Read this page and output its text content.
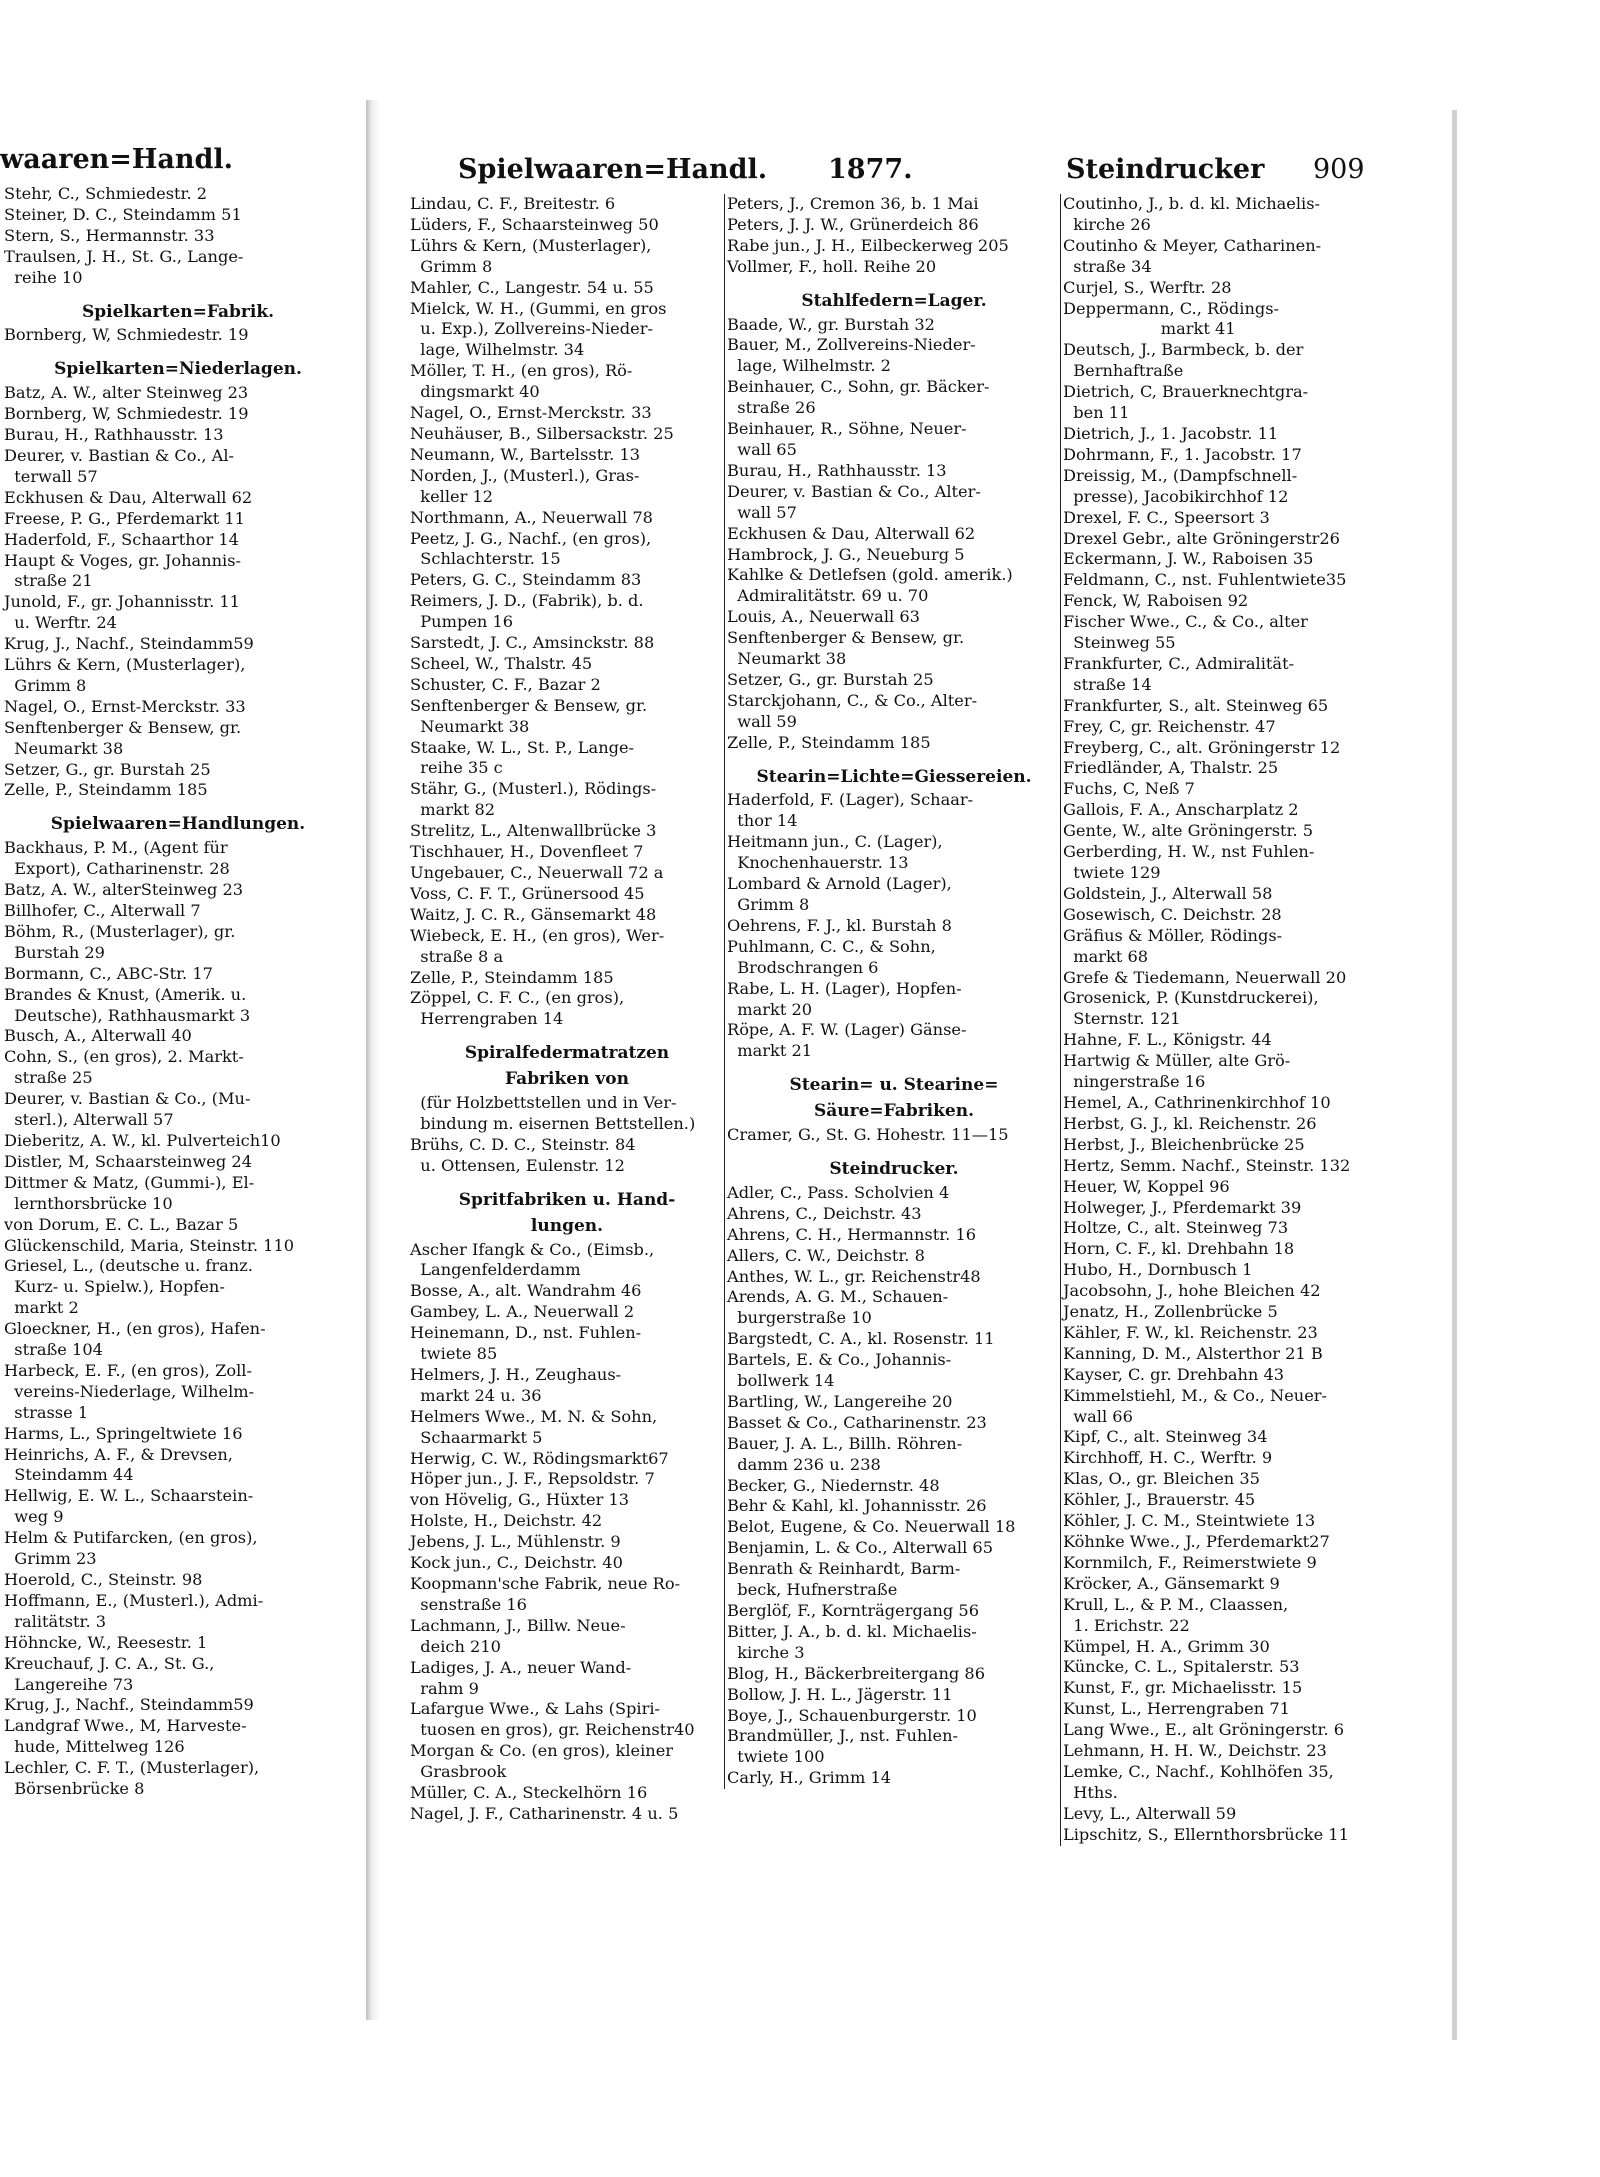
waaren=Handl.
Stehr, C., Schmiedestr. 2
Steiner, D. C., Steindamm 51
Stern, S., Hermannstr. 33
Traulsen, J. H., St. G., Lange-
reihe 10

Spielkarten=Fabrik.
Bornberg, W, Schmiedestr. 19

Spielkarten=Niederlagen.
Batz, A. W., alter Steinweg 23
Bornberg, W, Schmiedestr. 19
Burau, H., Rathhausstr. 13
Deurer, v. Bastian & Co., Al-
terwall 57
Eckhusen & Dau, Alterwall 62
Freese, P. G., Pferdemarkt 11
Haderfold, F., Schaarthor 14
Haupt & Voges, gr. Johannis-
straße 21
Junold, F., gr. Johannisstr. 11
u. Werftr. 24
Krug, J., Nachf., Steindamm59
Lührs & Kern, (Musterlager),
Grimm 8
Nagel, O., Ernst-Merckstr. 33
Senftenberger & Bensew, gr.
Neumarkt 38
Setzer, G., gr. Burstah 25
Zelle, P., Steindamm 185

Spielwaaren=Handlungen.
Backhaus, P. M., (Agent für
Export), Catharinenstr. 28
Batz, A. W., alterSteinweg 23
Billhofer, C., Alterwall 7
Böhm, R., (Musterlager), gr.
Burstah 29
Bormann, C., ABC-Str. 17
Brandes & Knust, (Amerik. u.
Deutsche), Rathhausmarkt 3
Busch, A., Alterwall 40
Cohn, S., (en gros), 2. Markt-
straße 25
Deurer, v. Bastian & Co., (Mu-
sterl.), Alterwall 57
Dieberitz, A. W., kl. Pulverteich10
Distler, M, Schaarsteinweg 24
Dittmer & Matz, (Gummi-), El-
lernthorsbrücke 10
von Dorum, E. C. L., Bazar 5
Glückenschild, Maria, Steinstr. 110
Griesel, L., (deutsche u. franz.
Kurz- u. Spielw.), Hopfen-
markt 2
Gloeckner, H., (en gros), Hafen-
straße 104
Harbeck, E. F., (en gros), Zoll-
vereins-Niederlage, Wilhelm-
strasse 1
Harms, L., Springeltwiete 16
Heinrichs, A. F., & Drevsen,
Steindamm 44
Hellwig, E. W. L., Schaarstein-
weg 9
Helm & Putifarcken, (en gros),
Grimm 23
Hoerold, C., Steinstr. 98
Hoffmann, E., (Musterl.), Admi-
ralitätstr. 3
Höhncke, W., Reesestr. 1
Kreuchauf, J. C. A., St. G.,
Langereihe 73
Krug, J., Nachf., Steindamm59
Landgraf Wwe., M, Harveste-
hude, Mittelweg 126
Lechler, C. F. T., (Musterlager),
Börsenbrücke 8
Spielwaaren=Handl. 1877.	Steindrucker 909
Lindau, C. F., Breitestr. 6
Lüders, F., Schaarsteinweg 50
Lührs & Kern, (Musterlager),
Grimm 8
Mahler, C., Langestr. 54 u. 55
Mielck, W. H., (Gummi, en gros
u. Exp.), Zollvereins-Nieder-
lage, Wilhelmstr. 34
Möller, T. H., (en gros), Rö-
dingsmarkt 40
Nagel, O., Ernst-Merckstr. 33
Neuhäuser, B., Silbersackstr. 25
Neumann, W., Bartelsstr. 13
Norden, J., (Musterl.), Gras-
keller 12
Northmann, A., Neuerwall 78
Peetz, J. G., Nachf., (en gros),
Schlachterstr. 15
Peters, G. C., Steindamm 83
Reimers, J. D., (Fabrik), b. d.
Pumpen 16
Sarstedt, J. C., Amsinckstr. 88
Scheel, W., Thalstr. 45
Schuster, C. F., Bazar 2
Senftenberger & Bensew, gr.
Neumarkt 38
Staake, W. L., St. P., Lange-
reihe 35 c
Stähr, G., (Musterl.), Rödings-
markt 82
Strelitz, L., Altenwallbrücke 3
Tischhauer, H., Dovenfleet 7
Ungebauer, C., Neuerwall 72 a
Voss, C. F. T., Grünersood 45
Waitz, J. C. R., Gänsemarkt 48
Wiebeck, E. H., (en gros), Wer-
straße 8 a
Zelle, P., Steindamm 185
Zöppel, C. F. C., (en gros),
Herrengraben 14

Spiralfedermatratzen
Fabriken von
(für Holzbettstellen und in Ver-
bindung m. eisernen Bettstellen.)
Brühs, C. D. C., Steinstr. 84
u. Ottensen, Eulenstr. 12

Spritfabriken u. Hand-
lungen.
Ascher Ifangk & Co., (Eimsb.,
Langenfelderdamm
Bosse, A., alt. Wandrahm 46
Gambey, L. A., Neuerwall 2
Heinemann, D., nst. Fuhlen-
twiete 85
Helmers, J. H., Zeughaus-
markt 24 u. 36
Helmers Wwe., M. N. & Sohn,
Schaarmarkt 5
Herwig, C. W., Rödingsmarkt67
Höper jun., J. F., Repsoldstr. 7
von Hövelig, G., Hüxter 13
Holste, H., Deichstr. 42
Jebens, J. L., Mühlenstr. 9
Kock jun., C., Deichstr. 40
Koopmann'sche Fabrik, neue Ro-
senstraße 16
Lachmann, J., Billw. Neue-
deich 210
Ladiges, J. A., neuer Wand-
rahm 9
Lafargue Wwe., & Lahs (Spiri-
tuosen en gros), gr. Reichenstr40
Morgan & Co. (en gros), kleiner
Grasbrook
Müller, C. A., Steckelhörn 16
Nagel, J. F., Catharinenstr. 4 u. 5
Peters, J., Cremon 36, b. 1 Mai
Peters, J. J. W., Grünerdeich 86
Rabe jun., J. H., Eilbeckerweg 205
Vollmer, F., holl. Reihe 20

Stahlfedern=Lager.
Baade, W., gr. Burstah 32
Bauer, M., Zollvereins-Nieder-
lage, Wilhelmstr. 2
Beinhauer, C., Sohn, gr. Bäcker-
straße 26
Beinhauer, R., Söhne, Neuer-
wall 65
Burau, H., Rathhausstr. 13
Deurer, v. Bastian & Co., Alter-
wall 57
Eckhusen & Dau, Alterwall 62
Hambrock, J. G., Neueburg 5
Kahlke & Detlefsen (gold. amerik.)
Admiralitätstr. 69 u. 70
Louis, A., Neuerwall 63
Senftenberger & Bensew, gr.
Neumarkt 38
Setzer, G., gr. Burstah 25
Starckjohann, C., & Co., Alter-
wall 59
Zelle, P., Steindamm 185

Stearin=Lichte=Giessereien.
Haderfold, F. (Lager), Schaar-
thor 14
Heitmann jun., C. (Lager),
Knochenhauerstr. 13
Lombard & Arnold (Lager),
Grimm 8
Oehrens, F. J., kl. Burstah 8
Puhlmann, C. C., & Sohn,
Brodschrangen 6
Rabe, L. H. (Lager), Hopfen-
markt 20
Röpe, A. F. W. (Lager) Gänse-
markt 21

Stearin= u. Stearine=
Säure=Fabriken.
Cramer, G., St. G. Hohestr. 11—15

Steindrucker.
Adler, C., Pass. Scholvien 4
Ahrens, C., Deichstr. 43
Ahrens, C. H., Hermannstr. 16
Allers, C. W., Deichstr. 8
Anthes, W. L., gr. Reichenstr48
Arends, A. G. M., Schauen-
burgerstraße 10
Bargstedt, C. A., kl. Rosenstr. 11
Bartels, E. & Co., Johannis-
bollwerk 14
Bartling, W., Langereihe 20
Basset & Co., Catharinenstr. 23
Bauer, J. A. L., Billh. Röhren-
damm 236 u. 238
Becker, G., Niedernstr. 48
Behr & Kahl, kl. Johannisstr. 26
Belot, Eugene, & Co. Neuerwall 18
Benjamin, L. & Co., Alterwall 65
Benrath & Reinhardt, Barm-
beck, Hufnerstraße
Berglöf, F., Kornträgergang 56
Bitter, J. A., b. d. kl. Michaelis-
kirche 3
Blog, H., Bäckerbreitergang 86
Bollow, J. H. L., Jägerstr. 11
Boye, J., Schauenburgerstr. 10
Brandmüller, J., nst. Fuhlen-
twiete 100
Carly, H., Grimm 14
Coutinho, J., b. d. kl. Michaelis-
kirche 26
Coutinho & Meyer, Catharinen-
straße 34
Curjel, S., Werftr. 28
Deppermann, C., Rödings-
markt 41
Deutsch, J., Barmbeck, b. der
Bernhaftraße
Dietrich, C, Brauerknechtgra-
ben 11
Dietrich, J., 1. Jacobstr. 11
Dohrmann, F., 1. Jacobstr. 17
Dreissig, M., (Dampfschnell-
presse), Jacobikirchhof 12
Drexel, F. C., Speersort 3
Drexel Gebr., alte Gröningerstr26
Eckermann, J. W., Raboisen 35
Feldmann, C., nst. Fuhlentwiete35
Fenck, W, Raboisen 92
Fischer Wwe., C., & Co., alter
Steinweg 55
Frankfurter, C., Admiralität-
straße 14
Frankfurter, S., alt. Steinweg 65
Frey, C, gr. Reichenstr. 47
Freyberg, C., alt. Gröningerstr 12
Friedländer, A, Thalstr. 25
Fuchs, C, Neß 7
Gallois, F. A., Anscharplatz 2
Gente, W., alte Gröningerstr. 5
Gerberding, H. W., nst Fuhlen-
twiete 129
Goldstein, J., Alterwall 58
Gosewisch, C. Deichstr. 28
Gräfius & Möller, Rödings-
markt 68
Grefe & Tiedemann, Neuerwall 20
Grosenick, P. (Kunstdruckerei),
Sternstr. 121
Hahne, F. L., Königstr. 44
Hartwig & Müller, alte Grö-
ningerstraße 16
Hemel, A., Cathrinenkirchhof 10
Herbst, G. J., kl. Reichenstr. 26
Herbst, J., Bleichenbrücke 25
Hertz, Semm. Nachf., Steinstr. 132
Heuer, W, Koppel 96
Holweger, J., Pferdemarkt 39
Holtze, C., alt. Steinweg 73
Horn, C. F., kl. Drehbahn 18
Hubo, H., Dornbusch 1
Jacobsohn, J., hohe Bleichen 42
Jenatz, H., Zollenbrücke 5
Kähler, F. W., kl. Reichenstr. 23
Kanning, D. M., Alsterthor 21 B
Kayser, C. gr. Drehbahn 43
Kimmelstiehl, M., & Co., Neuer-
wall 66
Kipf, C., alt. Steinweg 34
Kirchhoff, H. C., Werftr. 9
Klas, O., gr. Bleichen 35
Köhler, J., Brauerstr. 45
Köhler, J. C. M., Steintwiete 13
Köhnke Wwe., J., Pferdemarkt27
Kornmilch, F., Reimerstwiete 9
Kröcker, A., Gänsemarkt 9
Krull, L., & P. M., Claassen,
1. Erichstr. 22
Kümpel, H. A., Grimm 30
Küncke, C. L., Spitalerstr. 53
Kunst, F., gr. Michaelisstr. 15
Kunst, L., Herrengraben 71
Lang Wwe., E., alt Gröningerstr. 6
Lehmann, H. H. W., Deichstr. 23
Lemke, C., Nachf., Kohlhöfen 35,
Hths.
Levy, L., Alterwall 59
Lipschitz, S., Ellernthorsbrücke 11
